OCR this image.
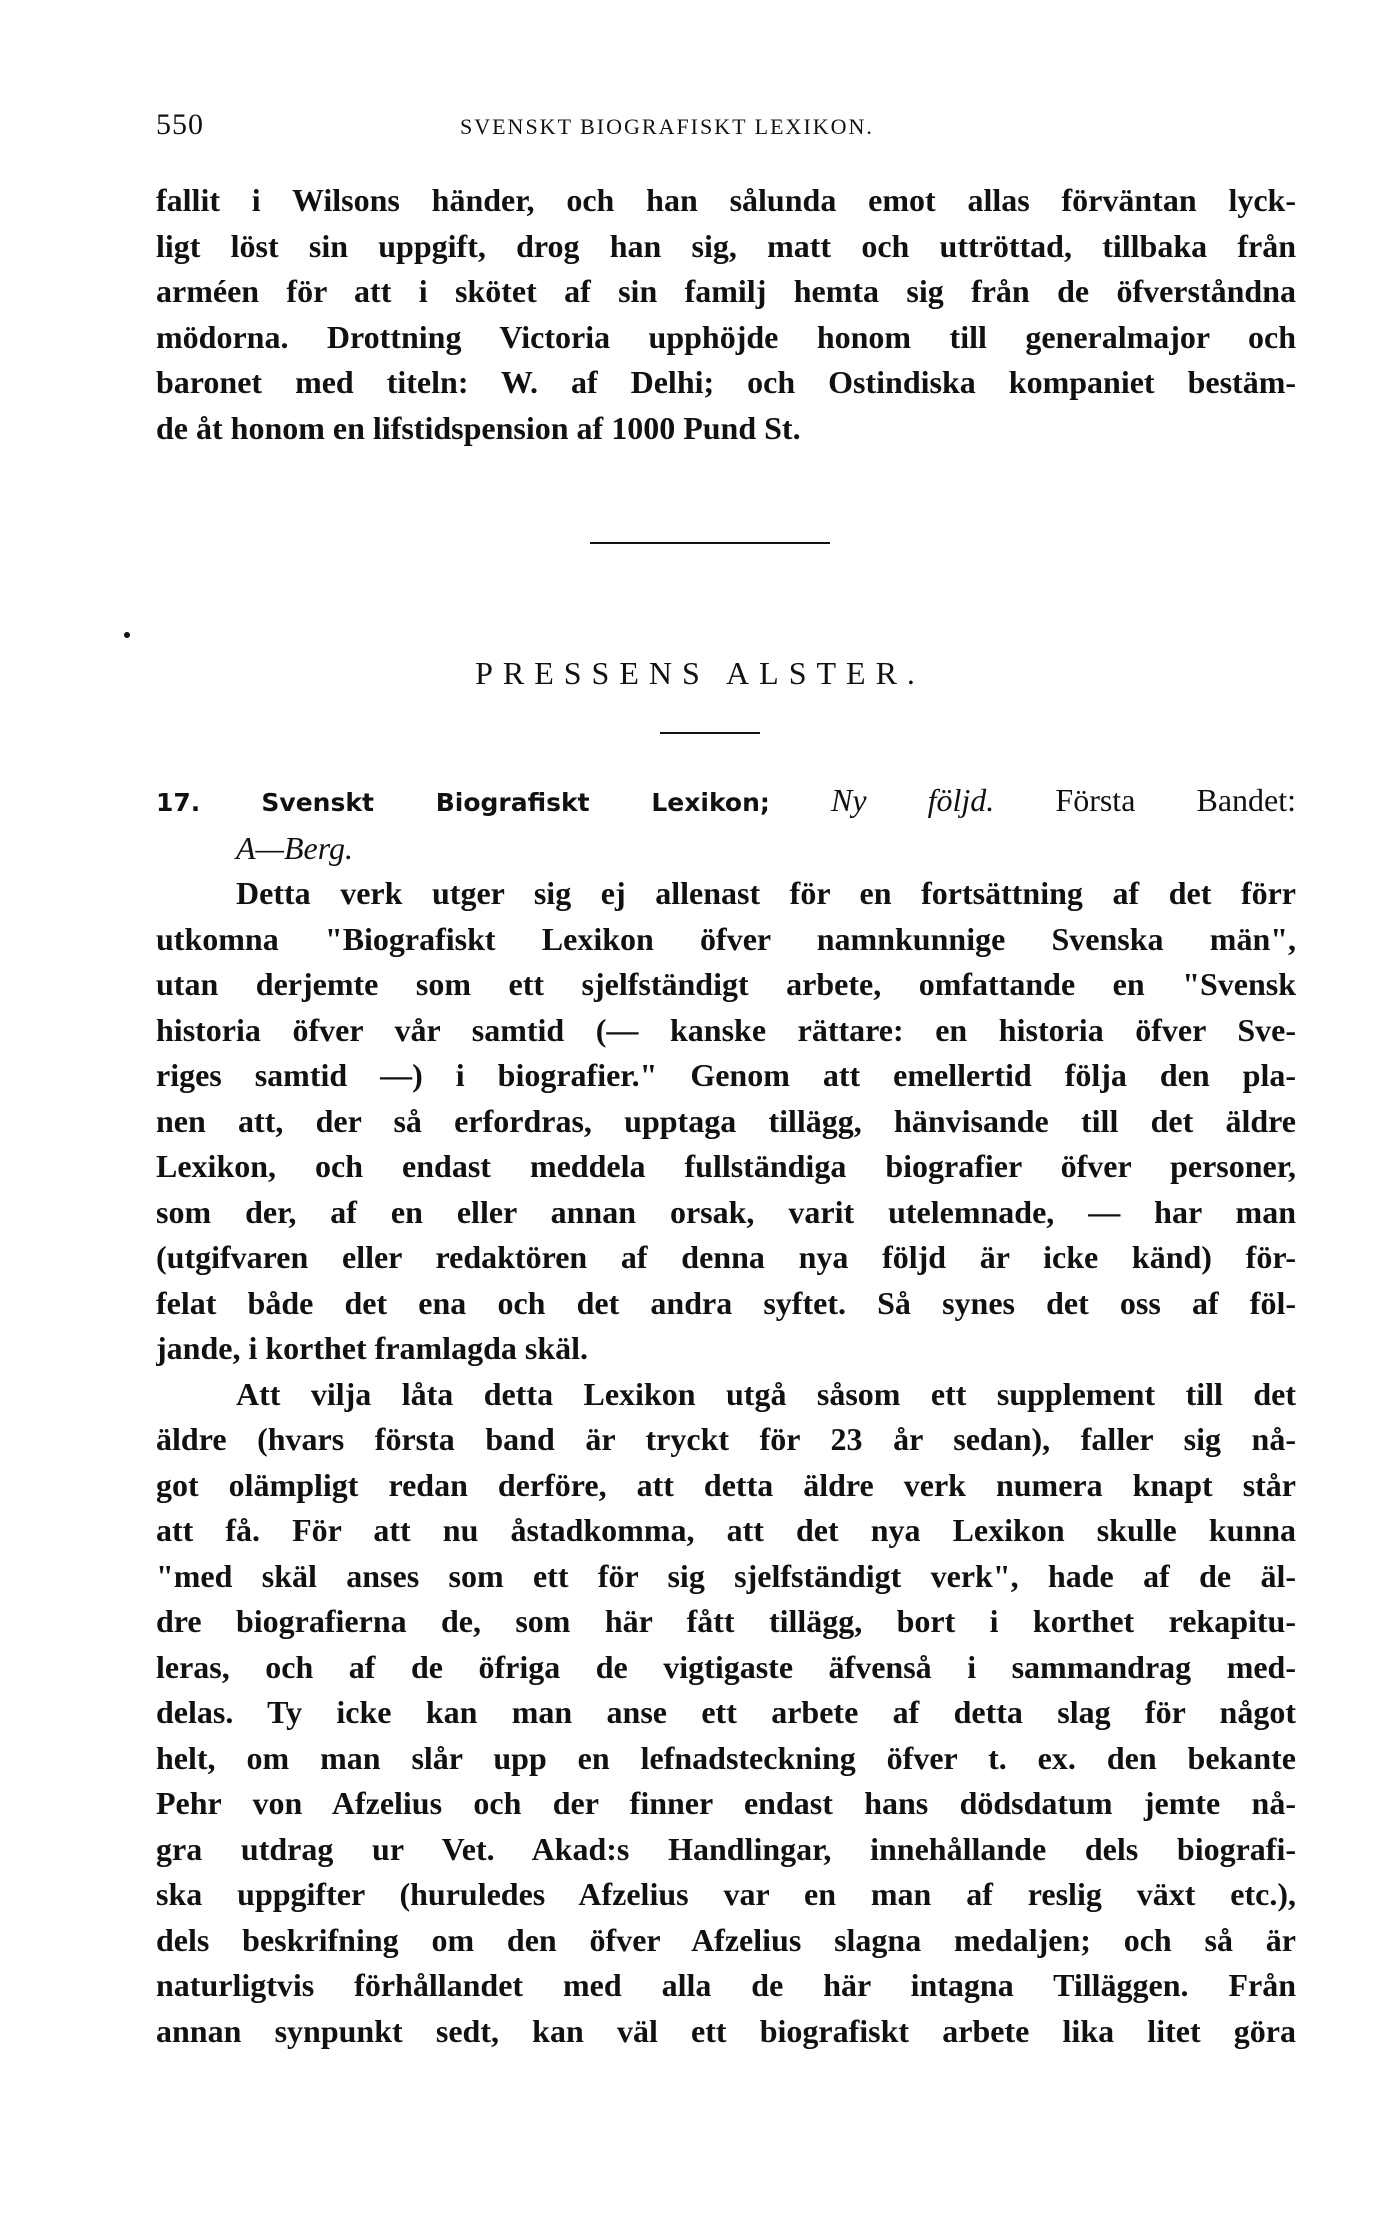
550	SVENSKT BIOGRAFISKT LEXIKON.
fallit i Wilsons händer, och han sålunda emot allas förväntan lyck-
ligt löst sin uppgift, drog han sig, matt och uttröttad, tillbaka från
arméen för att i skötet af sin familj hemta sig från de öfverståndna
mödorna. Drottning Victoria upphöjde honom till generalmajor och
baronet med titeln: W. af Delhi; och Ostindiska kompaniet bestäm-
de åt honom en lifstidspension af 1000 Pund St.
PRESSENS ALSTER.
17. Svenskt Biografiskt Lexikon; Ny följd. Första Bandet:
A—Berg.
Detta verk utger sig ej allenast för en fortsättning af det förr
utkomna "Biografiskt Lexikon öfver namnkunnige Svenska män",
utan derjemte som ett sjelfständigt arbete, omfattande en "Svensk
historia öfver vår samtid (— kanske rättare: en historia öfver Sve-
riges samtid —) i biografier." Genom att emellertid följa den pla-
nen att, der så erfordras, upptaga tillägg, hänvisande till det äldre
Lexikon, och endast meddela fullständiga biografier öfver personer,
som der, af en eller annan orsak, varit utelemnade, — har man
(utgifvaren eller redaktören af denna nya följd är icke känd) för-
felat både det ena och det andra syftet. Så synes det oss af föl-
jande, i korthet framlagda skäl.
Att vilja låta detta Lexikon utgå såsom ett supplement till det
äldre (hvars första band är tryckt för 23 år sedan), faller sig nå-
got olämpligt redan derföre, att detta äldre verk numera knapt står
att få. För att nu åstadkomma, att det nya Lexikon skulle kunna
"med skäl anses som ett för sig sjelfständigt verk", hade af de äl-
dre biografierna de, som här fått tillägg, bort i korthet rekapitu-
leras, och af de öfriga de vigtigaste äfvenså i sammandrag med-
delas. Ty icke kan man anse ett arbete af detta slag för något
helt, om man slår upp en lefnadsteckning öfver t. ex. den bekante
Pehr von Afzelius och der finner endast hans dödsdatum jemte nå-
gra utdrag ur Vet. Akad:s Handlingar, innehållande dels biografi-
ska uppgifter (huruledes Afzelius var en man af reslig växt etc.),
dels beskrifning om den öfver Afzelius slagna medaljen; och så är
naturligtvis förhållandet med alla de här intagna Tilläggen. Från
annan synpunkt sedt, kan väl ett biografiskt arbete lika litet göra
